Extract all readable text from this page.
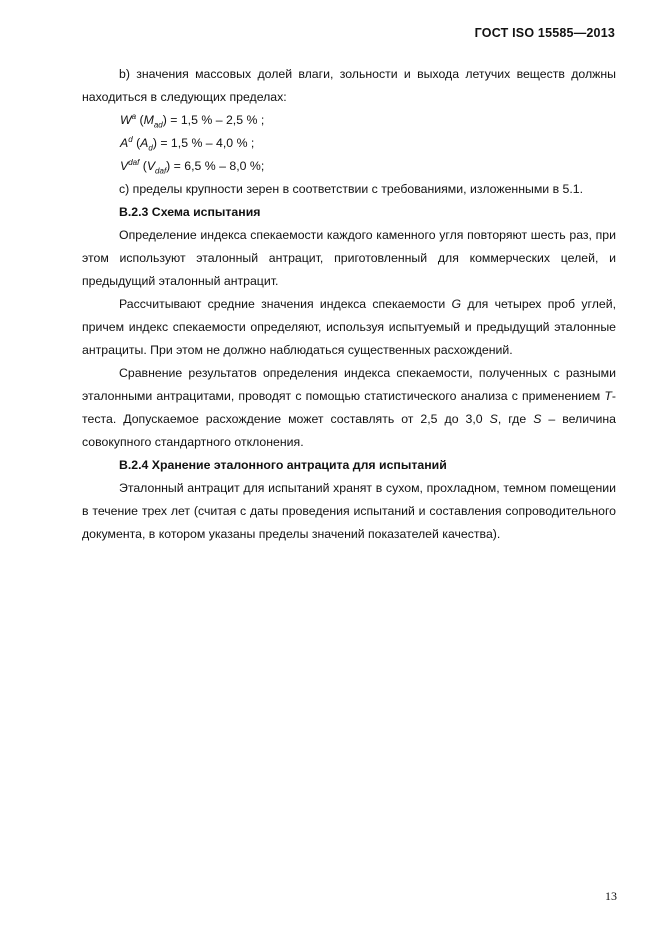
ГОСТ ISO 15585—2013

b) значения массовых долей влаги, зольности и выхода летучих веществ должны находиться в следующих пределах:

$W^a$ $(M_{ad}) = 1,5$ % – 2,5 % ;

$A^d$ $(A_d) = 1,5$ % – 4,0 % ;

$V^{daf}$ $(V_{daf}) = 6,5$ % – 8,0 %;

c) пределы крупности зерен в соответствии с требованиями, изложенными в 5.1.

В.2.3 Схема испытания

Определение индекса спекаемости каждого каменного угля повторяют шесть раз, при этом используют эталонный антрацит, приготовленный для коммерческих целей, и предыдущий эталонный антрацит.

Рассчитывают средние значения индекса спекаемости G для четырех проб углей, причем индекс спекаемости определяют, используя испытуемый и предыдущий эталонные антрациты. При этом не должно наблюдаться существенных расхождений.

Сравнение результатов определения индекса спекаемости, полученных с разными эталонными антрацитами, проводят с помощью статистического анализа с применением T-теста. Допускаемое расхождение может составлять от 2,5 до 3,0 S, где S – величина совокупного стандартного отклонения.

В.2.4 Хранение эталонного антрацита для испытаний

Эталонный антрацит для испытаний хранят в сухом, прохладном, темном помещении в течение трех лет (считая с даты проведения испытаний и составления сопроводительного документа, в котором указаны пределы значений показателей качества).

13
